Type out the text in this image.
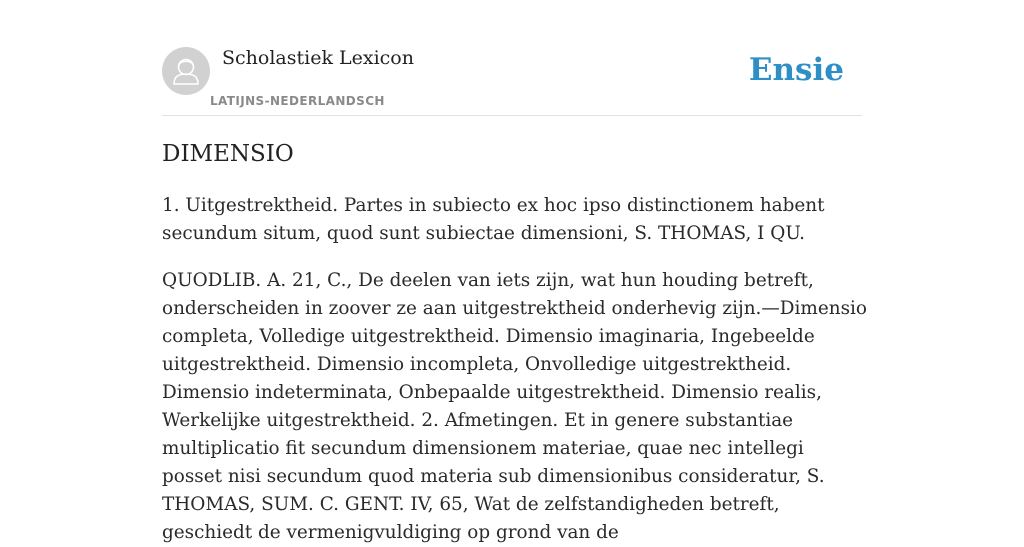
Scholastiek Lexicon
LATIJNS-NEDERLANDSCH
Ensie
DIMENSIO

1. Uitgestrektheid. Partes in subiecto ex hoc ipso distinctionem habent secundum situm, quod sunt subiectae dimensioni, S. THOMAS, I QU.

QUODLIB. A. 21, C., De deelen van iets zijn, wat hun houding betreft, onderscheiden in zoover ze aan uitgestrektheid onderhevig zijn.—Dimensio completa, Volledige uitgestrektheid. Dimensio imaginaria, Ingebeelde uitgestrektheid. Dimensio incompleta, Onvolledige uitgestrektheid. Dimensio indeterminata, Onbepaalde uitgestrektheid. Dimensio realis, Werkelijke uitgestrektheid. 2. Afmetingen. Et in genere substantiae multiplicatio fit secundum dimensionem materiae, quae nec intellegi posset nisi secundum quod materia sub dimensionibus consideratur, S. THOMAS, SUM. C. GENT. IV, 65, Wat de zelfstandigheden betreft, geschiedt de vermenigvuldiging op grond van de
